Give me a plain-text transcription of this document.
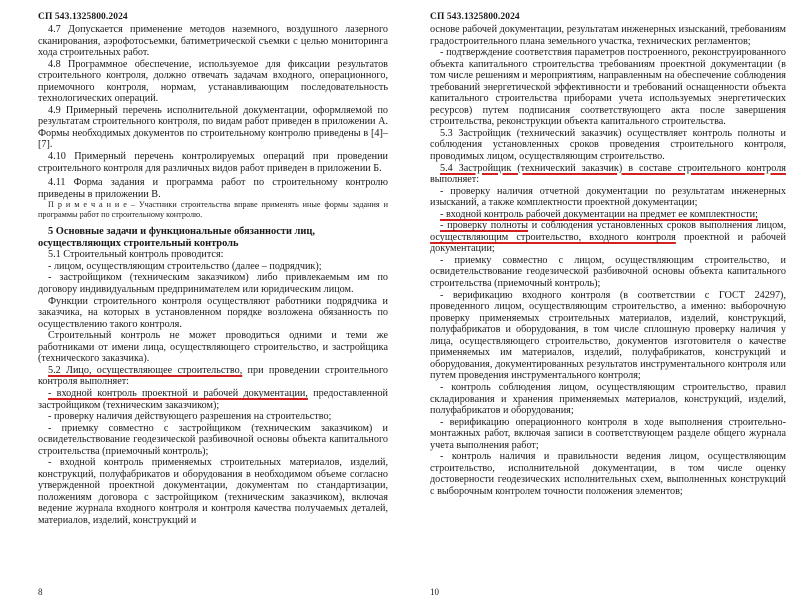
СП 543.1325800.2024

4.7 Допускается применение методов наземного, воздушного лазерного сканирования, аэрофотосъемки, батиметрической съемки с целью мониторинга хода строительных работ.

4.8 Программное обеспечение, используемое для фиксации результатов строительного контроля, должно отвечать задачам входного, операционного, приемочного контроля, нормам, устанавливающим последовательность технологических операций.

4.9 Примерный перечень исполнительной документации, оформляемой по результатам строительного контроля, по видам работ приведен в приложении А. Формы необходимых документов по строительному контролю приведены в [4]–[7].

4.10 Примерный перечень контролируемых операций при проведении строительного контроля для различных видов работ приведен в приложении Б.

4.11 Форма задания и программа работ по строительному контролю приведены в приложении В.

П р и м е ч а н и е – Участники строительства вправе применять иные формы задания и программы работ по строительному контролю.

5 Основные задачи и функциональные обязанности лиц, осуществляющих строительный контроль

5.1 Строительный контроль проводится:

- лицом, осуществляющим строительство (далее – подрядчик);

- застройщиком (техническим заказчиком) либо привлекаемым им по договору индивидуальным предпринимателем или юридическим лицом.

Функции строительного контроля осуществляют работники подрядчика и заказчика, на которых в установленном порядке возложена обязанность по осуществлению такого контроля.

Строительный контроль не может проводиться одними и теми же работниками от имени лица, осуществляющего строительство, и застройщика (технического заказчика).

5.2 Лицо, осуществляющее строительство, при проведении строительного контроля выполняет:

- входной контроль проектной и рабочей документации, предоставленной застройщиком (техническим заказчиком);

- проверку наличия действующего разрешения на строительство;

- приемку совместно с застройщиком (техническим заказчиком) и освидетельствование геодезической разбивочной основы объекта капитального строительства (приемочный контроль);

- входной контроль применяемых строительных материалов, изделий, конструкций, полуфабрикатов и оборудования в необходимом объеме согласно утвержденной проектной документации, документам по стандартизации, положениям договора с застройщиком (техническим заказчиком), включая ведение журнала входного контроля и контроля качества получаемых деталей, материалов, изделий, конструкций и

8
СП 543.1325800.2024

основе рабочей документации, результатам инженерных изысканий, требованиям градостроительного плана земельного участка, технических регламентов;

- подтверждение соответствия параметров построенного, реконструированного объекта капитального строительства требованиям проектной документации (в том числе решениям и мероприятиям, направленным на обеспечение соблюдения требований энергетической эффективности и требований оснащенности объекта капитального строительства приборами учета используемых энергетических ресурсов) путем подписания соответствующего акта после завершения строительства, реконструкции объекта капитального строительства.

5.3 Застройщик (технический заказчик) осуществляет контроль полноты и соблюдения установленных сроков проведения строительного контроля, проводимых лицом, осуществляющим строительство.

5.4 Застройщик (технический заказчик) в составе строительного контроля выполняет:

- проверку наличия отчетной документации по результатам инженерных изысканий, а также комплектности проектной документации;

- входной контроль рабочей документации на предмет ее комплектности;

- проверку полноты и соблюдения установленных сроков выполнения лицом, осуществляющим строительство, входного контроля проектной и рабочей документации;

- приемку совместно с лицом, осуществляющим строительство, и освидетельствование геодезической разбивочной основы объекта капитального строительства (приемочный контроль);

- верификацию входного контроля (в соответствии с ГОСТ 24297), проведенного лицом, осуществляющим строительство, а именно: выборочную проверку применяемых строительных материалов, изделий, конструкций, полуфабрикатов и оборудования, в том числе сплошную проверку наличия у лица, осуществляющего строительство, документов изготовителя о качестве применяемых им материалов, изделий, полуфабрикатов, конструкций и оборудования, документированных результатов инструментального контроля или путем проведения инструментального контроля;

- контроль соблюдения лицом, осуществляющим строительство, правил складирования и хранения применяемых материалов, конструкций, изделий, полуфабрикатов и оборудования;

- верификацию операционного контроля в ходе выполнения строительно-монтажных работ, включая записи в соответствующем разделе общего журнала учета выполнения работ;

- контроль наличия и правильности ведения лицом, осуществляющим строительство, исполнительной документации, в том числе оценку достоверности геодезических исполнительных схем, выполненных конструкций с выборочным контролем точности положения элементов;

10
